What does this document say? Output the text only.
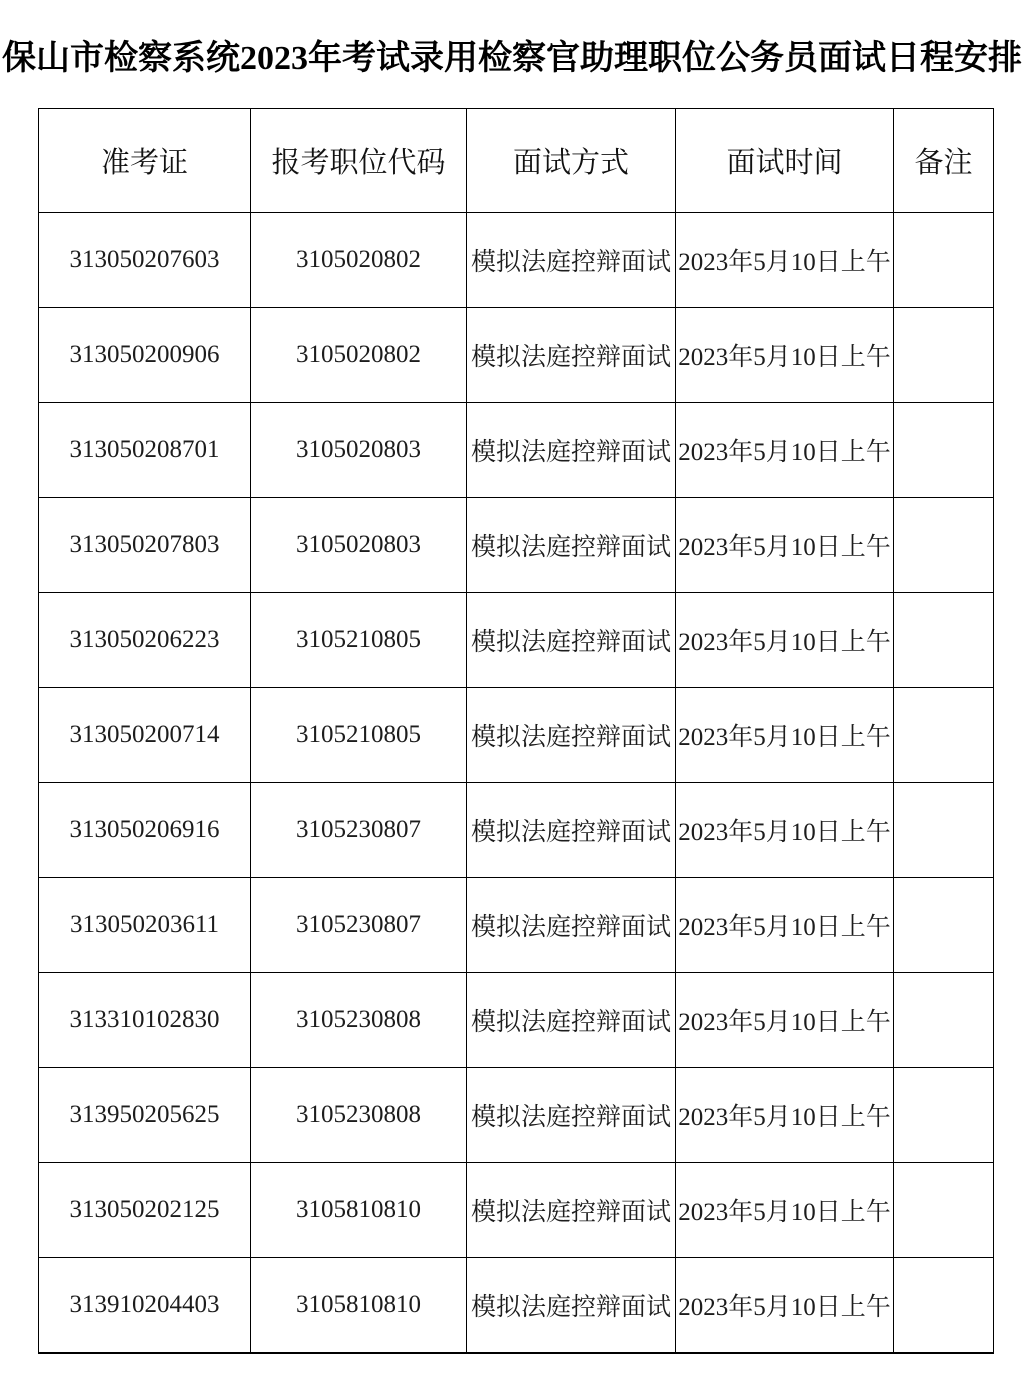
保山市检察系统2023年考试录用检察官助理职位公务员面试日程安排
准考证	报考职位代码	面试方式	面试时间	备注
313050207603	3105020802	模拟法庭控辩面试	2023年5月10日上午	
313050200906	3105020802	模拟法庭控辩面试	2023年5月10日上午	
313050208701	3105020803	模拟法庭控辩面试	2023年5月10日上午	
313050207803	3105020803	模拟法庭控辩面试	2023年5月10日上午	
313050206223	3105210805	模拟法庭控辩面试	2023年5月10日上午	
313050200714	3105210805	模拟法庭控辩面试	2023年5月10日上午	
313050206916	3105230807	模拟法庭控辩面试	2023年5月10日上午	
313050203611	3105230807	模拟法庭控辩面试	2023年5月10日上午	
313310102830	3105230808	模拟法庭控辩面试	2023年5月10日上午	
313950205625	3105230808	模拟法庭控辩面试	2023年5月10日上午	
313050202125	3105810810	模拟法庭控辩面试	2023年5月10日上午	
313910204403	3105810810	模拟法庭控辩面试	2023年5月10日上午	
